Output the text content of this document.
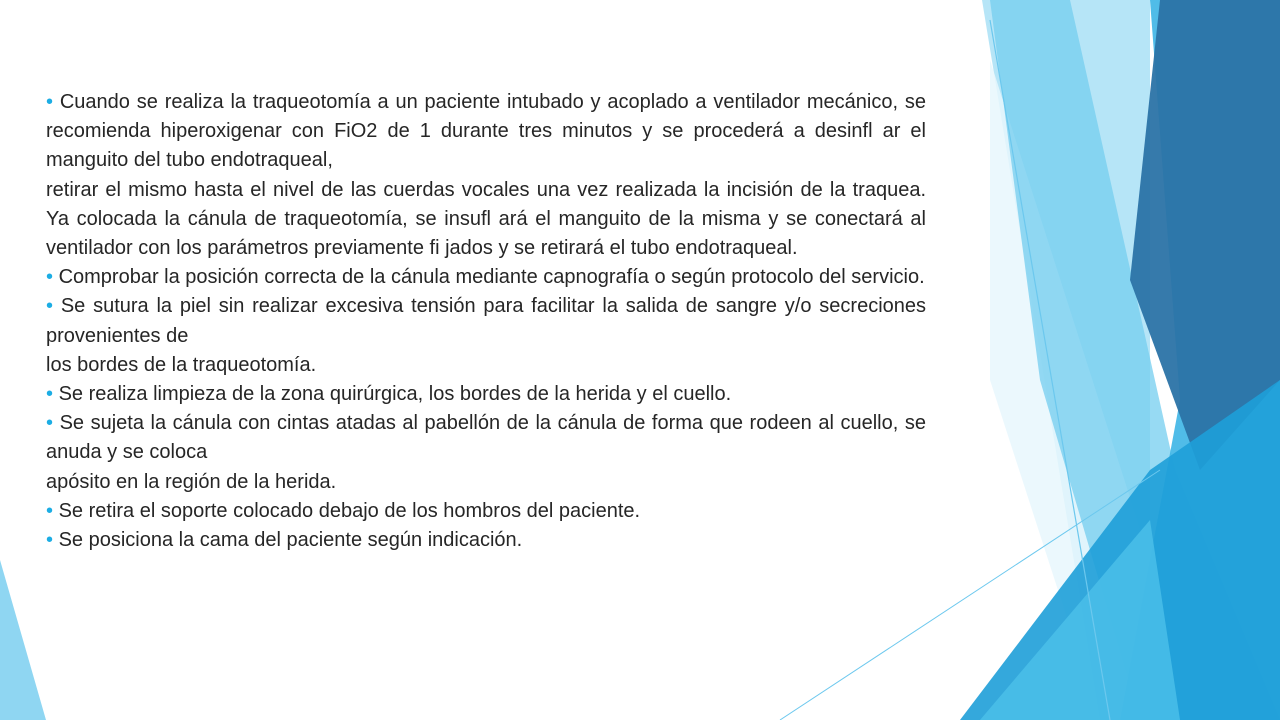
• Cuando se realiza la traqueotomía a un paciente intubado y acoplado a ventilador mecánico, se recomienda hiperoxigenar con FiO2 de 1 durante tres minutos y se procederá a desinfl ar el manguito del tubo endotraqueal,
retirar el mismo hasta el nivel de las cuerdas vocales una vez realizada la incisión de la traquea. Ya colocada la cánula de traqueotomía, se insufl ará el manguito de la misma y se conectará al ventilador con los parámetros previamente fi jados y se retirará el tubo endotraqueal.

• Comprobar la posición correcta de la cánula mediante capnografía o según protocolo del servicio.

• Se sutura la piel sin realizar excesiva tensión para facilitar la salida de sangre y/o secreciones provenientes de
los bordes de la traqueotomía.

• Se realiza limpieza de la zona quirúrgica, los bordes de la herida y el cuello.

• Se sujeta la cánula con cintas atadas al pabellón de la cánula de forma que rodeen al cuello, se anuda y se coloca
apósito en la región de la herida.

• Se retira el soporte colocado debajo de los hombros del paciente.

• Se posiciona la cama del paciente según indicación.
